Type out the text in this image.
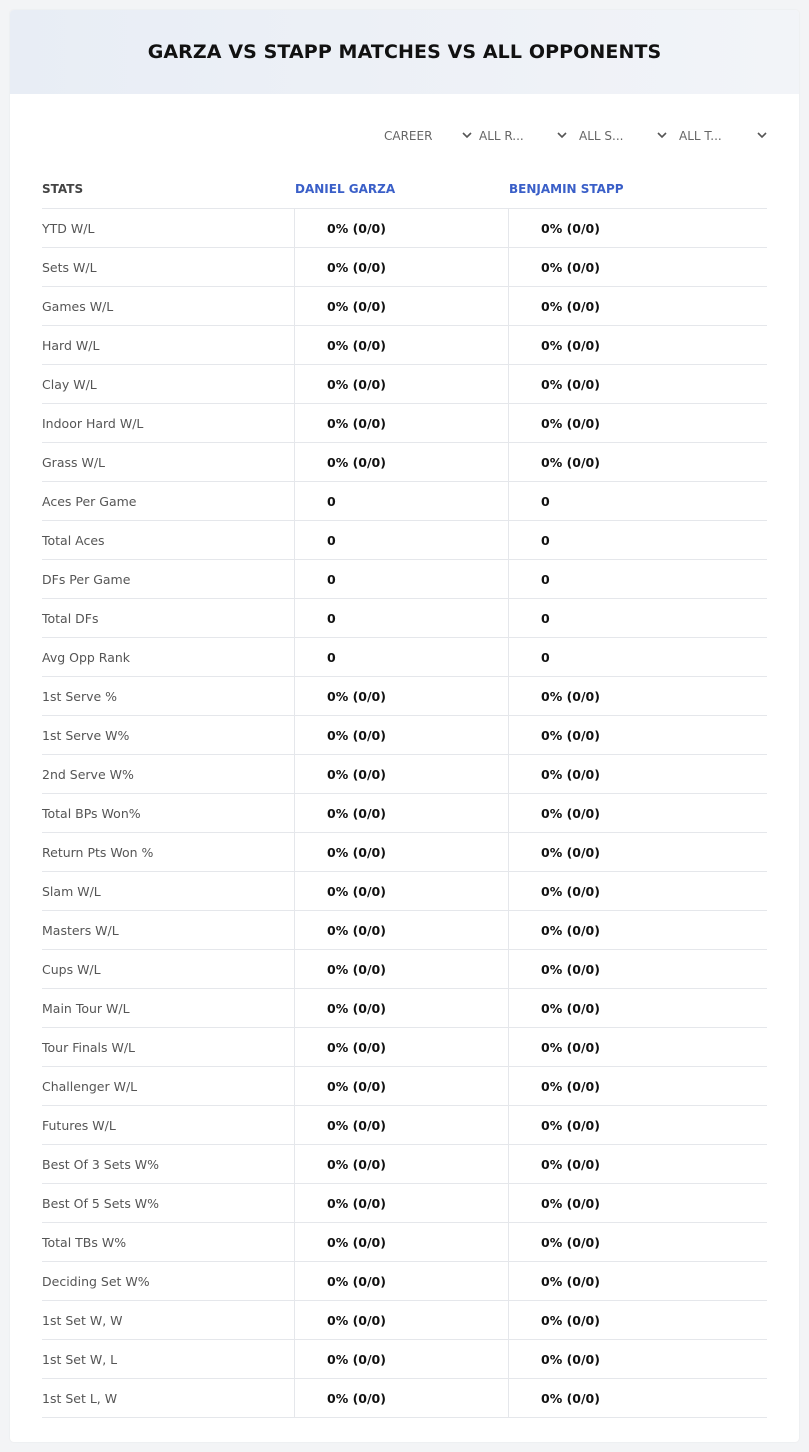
GARZA VS STAPP MATCHES VS ALL OPPONENTS
CAREER	ALL R...	ALL S...	ALL T...
STATS	DANIEL GARZA	BENJAMIN STAPP
YTD W/L	0% (0/0)	0% (0/0)
Sets W/L	0% (0/0)	0% (0/0)
Games W/L	0% (0/0)	0% (0/0)
Hard W/L	0% (0/0)	0% (0/0)
Clay W/L	0% (0/0)	0% (0/0)
Indoor Hard W/L	0% (0/0)	0% (0/0)
Grass W/L	0% (0/0)	0% (0/0)
Aces Per Game	0	0
Total Aces	0	0
DFs Per Game	0	0
Total DFs	0	0
Avg Opp Rank	0	0
1st Serve %	0% (0/0)	0% (0/0)
1st Serve W%	0% (0/0)	0% (0/0)
2nd Serve W%	0% (0/0)	0% (0/0)
Total BPs Won%	0% (0/0)	0% (0/0)
Return Pts Won %	0% (0/0)	0% (0/0)
Slam W/L	0% (0/0)	0% (0/0)
Masters W/L	0% (0/0)	0% (0/0)
Cups W/L	0% (0/0)	0% (0/0)
Main Tour W/L	0% (0/0)	0% (0/0)
Tour Finals W/L	0% (0/0)	0% (0/0)
Challenger W/L	0% (0/0)	0% (0/0)
Futures W/L	0% (0/0)	0% (0/0)
Best Of 3 Sets W%	0% (0/0)	0% (0/0)
Best Of 5 Sets W%	0% (0/0)	0% (0/0)
Total TBs W%	0% (0/0)	0% (0/0)
Deciding Set W%	0% (0/0)	0% (0/0)
1st Set W, W	0% (0/0)	0% (0/0)
1st Set W, L	0% (0/0)	0% (0/0)
1st Set L, W	0% (0/0)	0% (0/0)
